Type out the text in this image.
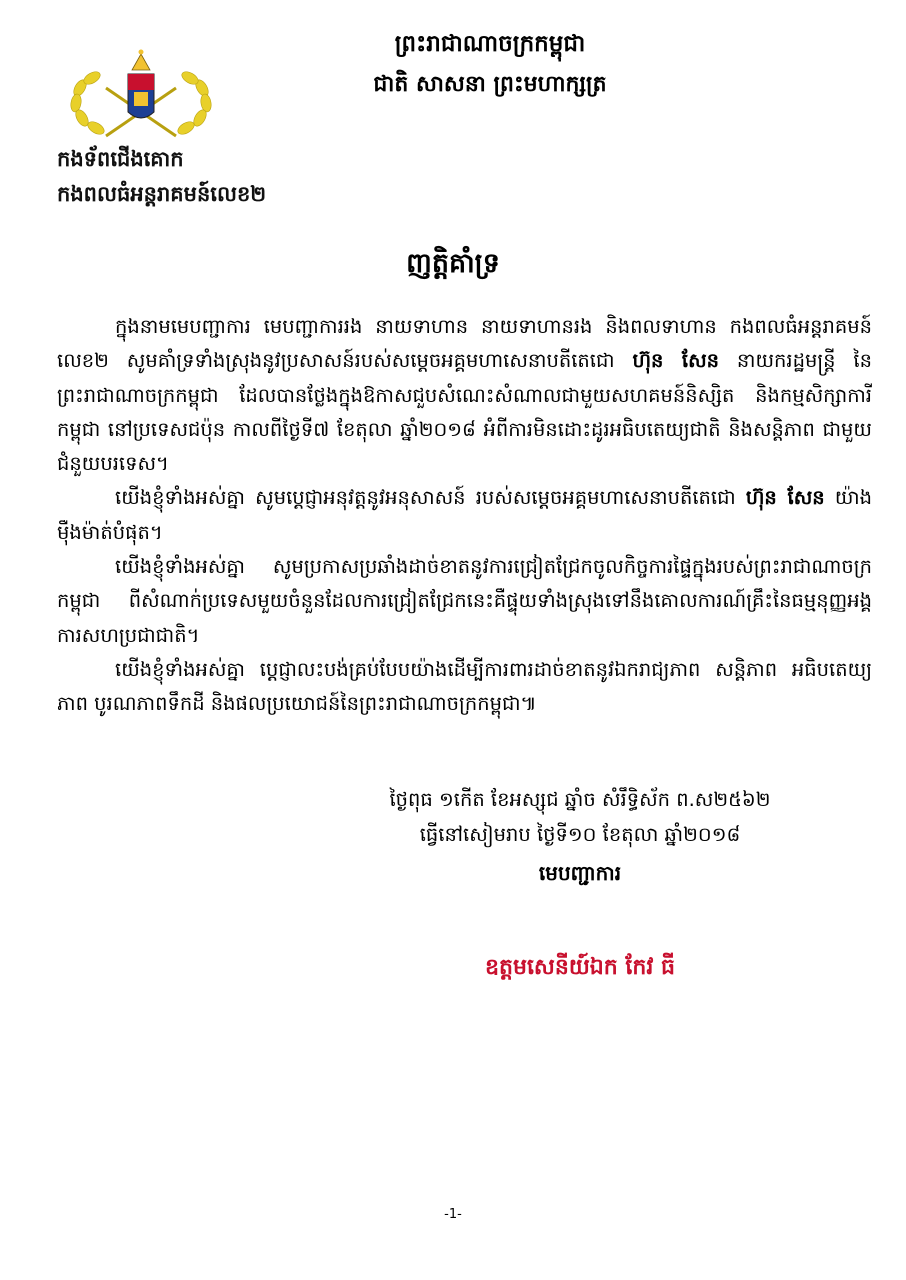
ព្រះរាជាណាចក្រកម្ពុជា
ជាតិ សាសនា ព្រះមហាក្សត្រ
កងទ័ពជើងគោក
កងពលធំអន្តរាគមន៍លេខ២
ញត្តិគាំទ្រ

ក្នុងនាមមេបញ្ជាការ មេបញ្ជាការរង នាយទាហាន នាយទាហានរង និងពលទាហាន កងពលធំអន្តរាគមន៍លេខ២ សូមគាំទ្រទាំងស្រុងនូវប្រសាសន៍របស់សម្ដេចអគ្គមហាសេនាបតីតេជោ ហ៊ុន សែន នាយករដ្ឋមន្ត្រី នៃព្រះរាជាណាចក្រកម្ពុជា ដែលបានថ្លែងក្នុងឱកាសជួបសំណេះសំណាលជាមួយសហគមន៍និស្សិត និងកម្មសិក្សាការីកម្ពុជា នៅប្រទេសជប៉ុន កាលពីថ្ងៃទី៧ ខែតុលា ឆ្នាំ២០១៨ អំពីការមិនដោះដូរអធិបតេយ្យជាតិ និងសន្តិភាព ជាមួយជំនួយបរទេស។

យើងខ្ញុំទាំងអស់គ្នា សូមប្ដេជ្ញាអនុវត្តនូវអនុសាសន៍ របស់សម្ដេចអគ្គមហាសេនាបតីតេជោ ហ៊ុន សែន យ៉ាងម៉ឺងម៉ាត់បំផុត។

យើងខ្ញុំទាំងអស់គ្នា សូមប្រកាសប្រឆាំងដាច់ខាតនូវការជ្រៀតជ្រែកចូលកិច្ចការផ្ទៃក្នុងរបស់ព្រះរាជាណាចក្រកម្ពុជា ពីសំណាក់ប្រទេសមួយចំនួនដែលការជ្រៀតជ្រែកនេះគឺផ្ទុយទាំងស្រុងទៅនឹងគោលការណ៍គ្រឹះនៃធម្មនុញ្ញអង្គការសហប្រជាជាតិ។

យើងខ្ញុំទាំងអស់គ្នា ប្ដេជ្ញាលះបង់គ្រប់បែបយ៉ាងដើម្បីការពារដាច់ខាតនូវឯករាជ្យភាព សន្តិភាព អធិបតេយ្យភាព បូរណភាពទឹកដី និងផលប្រយោជន៍នៃព្រះរាជាណាចក្រកម្ពុជា៕

ថ្ងៃពុធ ១កើត ខែអស្សុជ ឆ្នាំច សំរឹទ្ធិស័ក ព.ស២៥៦២
ធ្វើនៅសៀមរាប ថ្ងៃទី១០ ខែតុលា ឆ្នាំ២០១៨
មេបញ្ជាការ
ឧត្តមសេនីយ៍ឯក កែវ ធី
-1-
